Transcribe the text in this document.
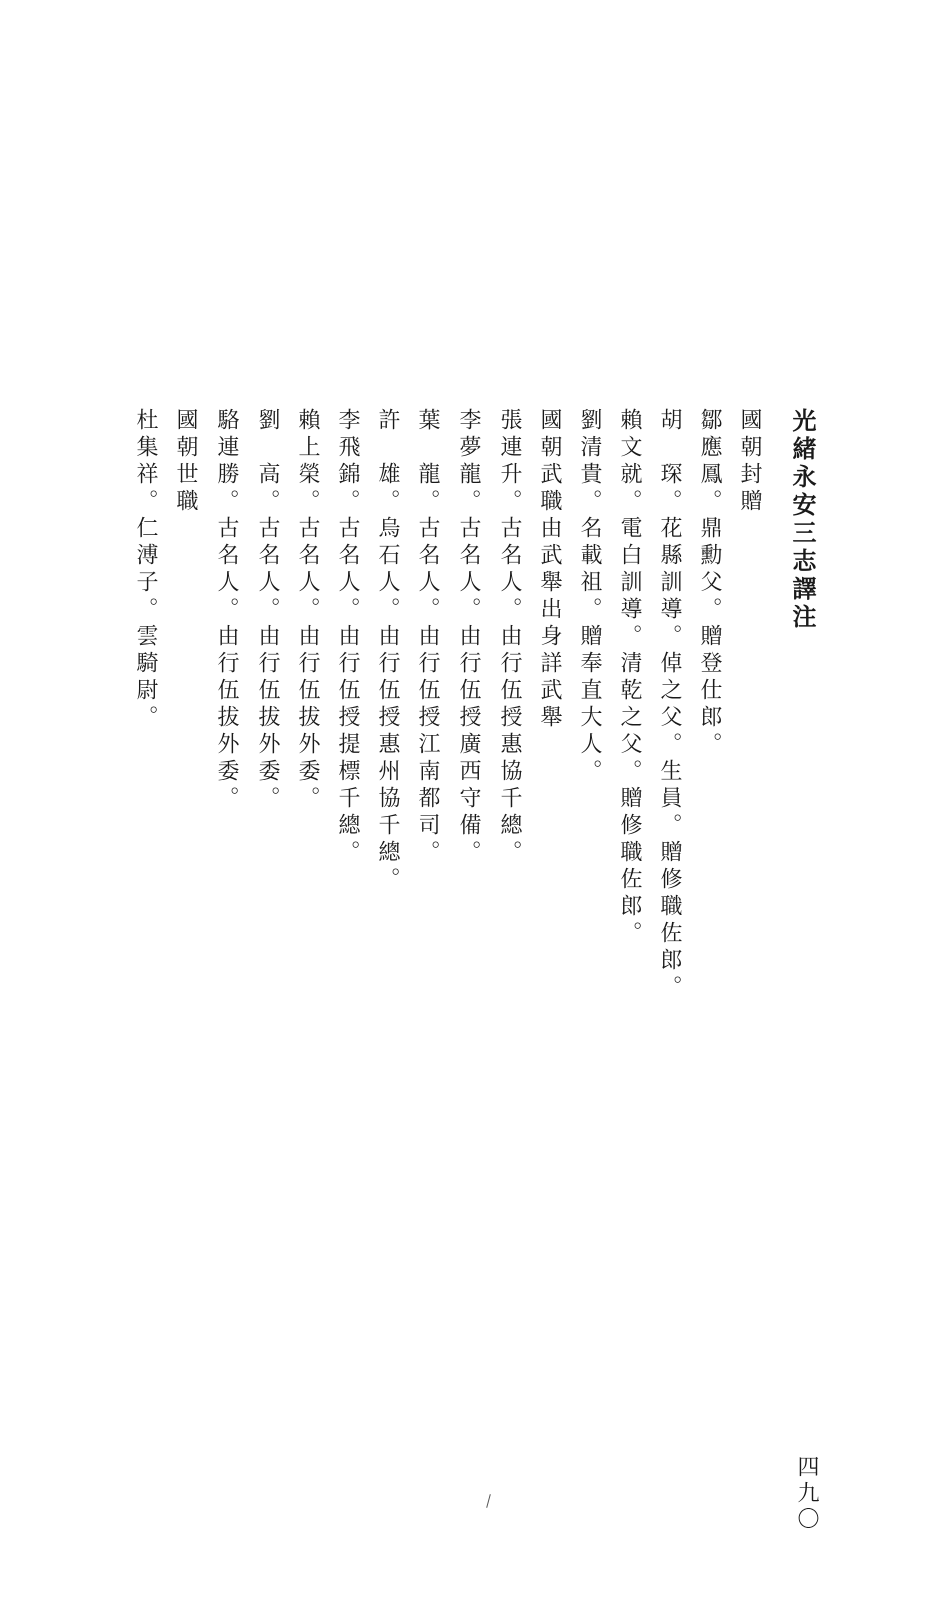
光緒永安三志譯注
國朝封贈
鄒應鳳。鼎勳父。贈登仕郎。
胡　琛。花縣訓導。倬之父。生員。贈修職佐郎。
賴文就。電白訓導。清乾之父。贈修職佐郎。
劉清貴。名載祖。贈奉直大人。
國朝武職由武舉出身詳武舉
張連升。古名人。由行伍授惠協千總。
李夢龍。古名人。由行伍授廣西守備。
葉　龍。古名人。由行伍授江南都司。
許　雄。烏石人。由行伍授惠州協千總。
李飛錦。古名人。由行伍授提標千總。
賴上榮。古名人。由行伍拔外委。
劉　高。古名人。由行伍拔外委。
駱連勝。古名人。由行伍拔外委。
國朝世職
杜集祥。仁溥子。雲騎尉。
四九〇
